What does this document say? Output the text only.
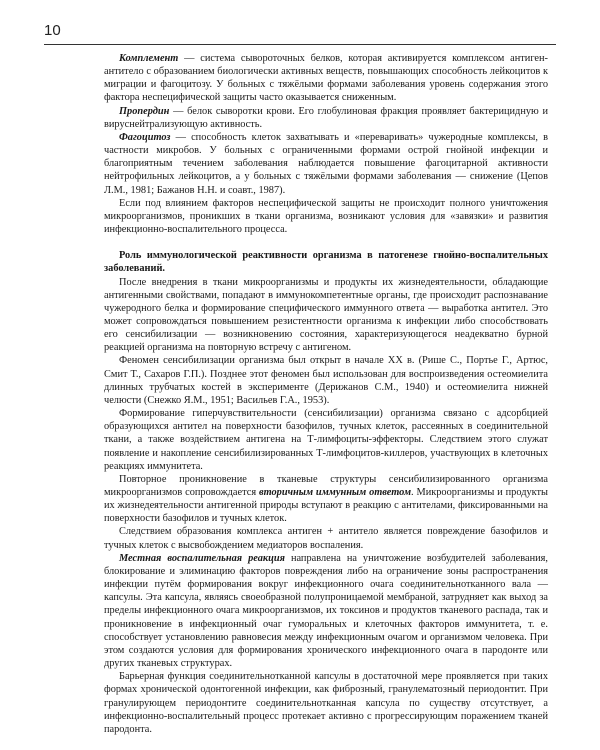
10

Комплемент — система сывороточных белков, которая активируется комплексом антиген-антитело с образованием биологически активных веществ, повышающих способность лейкоцитов к миграции и фагоцитозу. У больных с тяжёлыми формами заболевания уровень содержания этого фактора неспецифической защиты часто оказывается сниженным.

Пропердин — белок сыворотки крови. Его глобулиновая фракция проявляет бактерицидную и вируснейтрализующую активность.

Фагоцитоз — способность клеток захватывать и «переваривать» чужеродные комплексы, в частности микробов. У больных с ограниченными формами острой гнойной инфекции и благоприятным течением заболевания наблюдается повышение фагоцитарной активности нейтрофильных лейкоцитов, а у больных с тяжёлыми формами заболевания — снижение (Цепов Л.М., 1981; Бажанов Н.Н. и соавт., 1987).

Если под влиянием факторов неспецифической защиты не происходит полного уничтожения микроорганизмов, проникших в ткани организма, возникают условия для «завязки» и развития инфекционно-воспалительного процесса.

Роль иммунологической реактивности организма в патогенезе гнойно-воспалительных заболеваний.

После внедрения в ткани микроорганизмы и продукты их жизнедеятельности, обладающие антигенными свойствами, попадают в иммунокомпетентные органы, где происходит распознавание чужеродного белка и формирование специфического иммунного ответа — выработка антител. Это может сопровождаться повышением резистентности организма к инфекции либо способствовать его сенсибилизации — возникновению состояния, характеризующегося неадекватно бурной реакцией организма на повторную встречу с антигеном.

Феномен сенсибилизации организма был открыт в начале XX в. (Рише С., Портье Г., Артюс, Смит Т., Сахаров Г.П.). Позднее этот феномен был использован для воспроизведения остеомиелита длинных трубчатых костей в эксперименте (Дерижанов С.М., 1940) и остеомиелита нижней челюсти (Снежко Я.М., 1951; Васильев Г.А., 1953).

Формирование гиперчувствительности (сенсибилизации) организма связано с адсорбцией образующихся антител на поверхности базофилов, тучных клеток, рассеянных в соединительной ткани, а также воздействием антигена на Т-лимфоциты-эффекторы. Следствием этого служат появление и накопление сенсибилизированных Т-лимфоцитов-киллеров, участвующих в клеточных реакциях иммунитета.

Повторное проникновение в тканевые структуры сенсибилизированного организма микроорганизмов сопровождается вторичным иммунным ответом. Микроорганизмы и продукты их жизнедеятельности антигенной природы вступают в реакцию с антителами, фиксированными на поверхности базофилов и тучных клеток.

Следствием образования комплекса антиген + антитело является повреждение базофилов и тучных клеток с высвобождением медиаторов воспаления.

Местная воспалительная реакция направлена на уничтожение возбудителей заболевания, блокирование и элиминацию факторов повреждения либо на ограничение зоны распространения инфекции путём формирования вокруг инфекционного очага соединительнотканного вала — капсулы. Эта капсула, являясь своеобразной полупроницаемой мембраной, затрудняет как выход за пределы инфекционного очага микроорганизмов, их токсинов и продуктов тканевого распада, так и проникновение в инфекционный очаг гуморальных и клеточных факторов иммунитета, т. е. способствует установлению равновесия между инфекционным очагом и организмом человека. При этом создаются условия для формирования хронического инфекционного очага в пародонте или других тканевых структурах.

Барьерная функция соединительнотканной капсулы в достаточной мере проявляется при таких формах хронической одонтогенной инфекции, как фиброзный, гранулематозный периодонтит. При гранулирующем периодонтите соединительнотканная капсула по существу отсутствует, а инфекционно-воспалительный процесс протекает активно с прогрессирующим поражением тканей пародонта.
